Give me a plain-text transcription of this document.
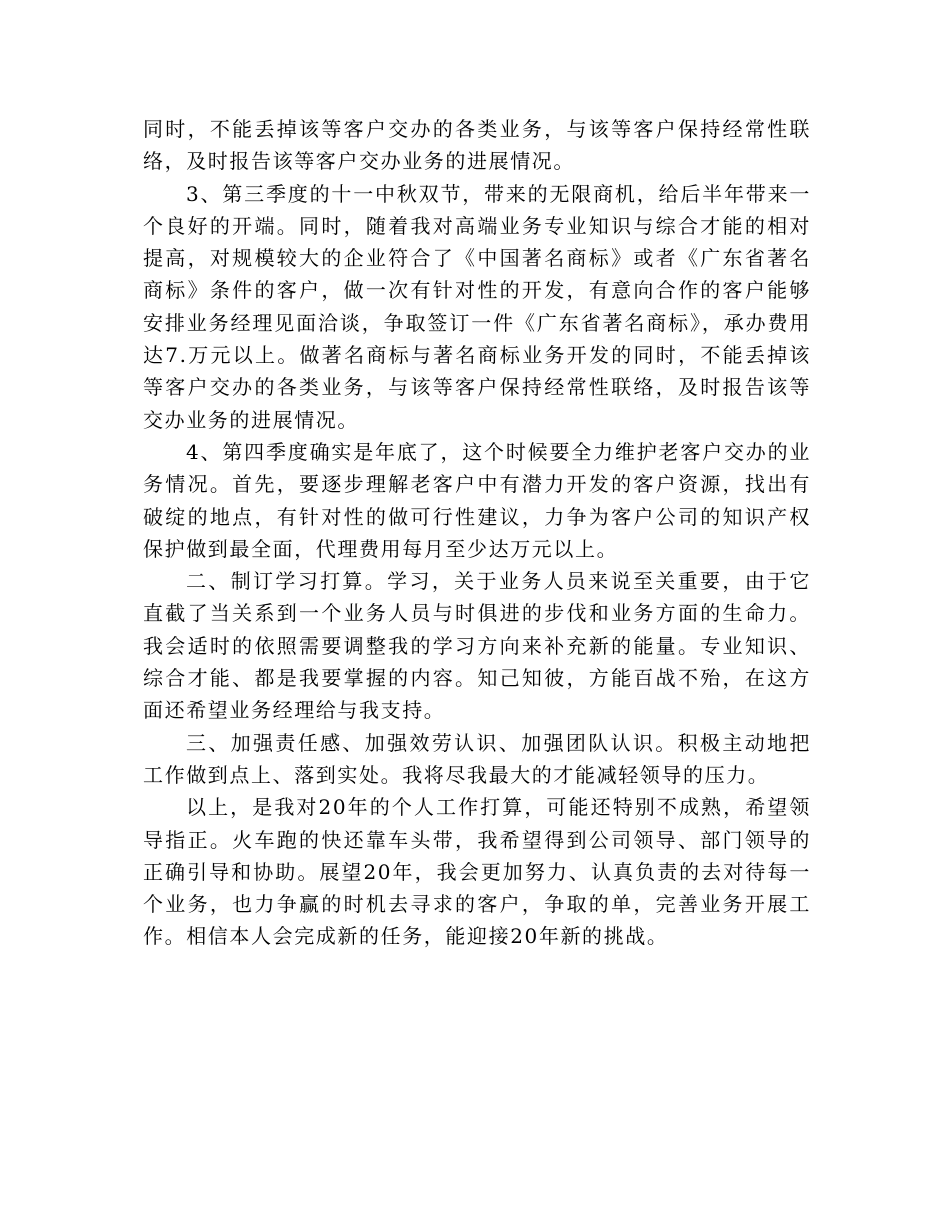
同时，不能丢掉该等客户交办的各类业务，与该等客户保持经常性联络，及时报告该等客户交办业务的进展情况。

3、第三季度的十一中秋双节，带来的无限商机，给后半年带来一个良好的开端。同时，随着我对高端业务专业知识与综合才能的相对提高，对规模较大的企业符合了《中国著名商标》或者《广东省著名商标》条件的客户，做一次有针对性的开发，有意向合作的客户能够安排业务经理见面洽谈，争取签订一件《广东省著名商标》，承办费用达7.万元以上。做著名商标与著名商标业务开发的同时，不能丢掉该等客户交办的各类业务，与该等客户保持经常性联络，及时报告该等交办业务的进展情况。

4、第四季度确实是年底了，这个时候要全力维护老客户交办的业务情况。首先，要逐步理解老客户中有潜力开发的客户资源，找出有破绽的地点，有针对性的做可行性建议，力争为客户公司的知识产权保护做到最全面，代理费用每月至少达万元以上。

二、制订学习打算。学习，关于业务人员来说至关重要，由于它直截了当关系到一个业务人员与时俱进的步伐和业务方面的生命力。我会适时的依照需要调整我的学习方向来补充新的能量。专业知识、综合才能、都是我要掌握的内容。知己知彼，方能百战不殆，在这方面还希望业务经理给与我支持。

三、加强责任感、加强效劳认识、加强团队认识。积极主动地把工作做到点上、落到实处。我将尽我最大的才能减轻领导的压力。

以上，是我对20年的个人工作打算，可能还特别不成熟，希望领导指正。火车跑的快还靠车头带，我希望得到公司领导、部门领导的正确引导和协助。展望20年，我会更加努力、认真负责的去对待每一个业务，也力争赢的时机去寻求的客户，争取的单，完善业务开展工作。相信本人会完成新的任务，能迎接20年新的挑战。
